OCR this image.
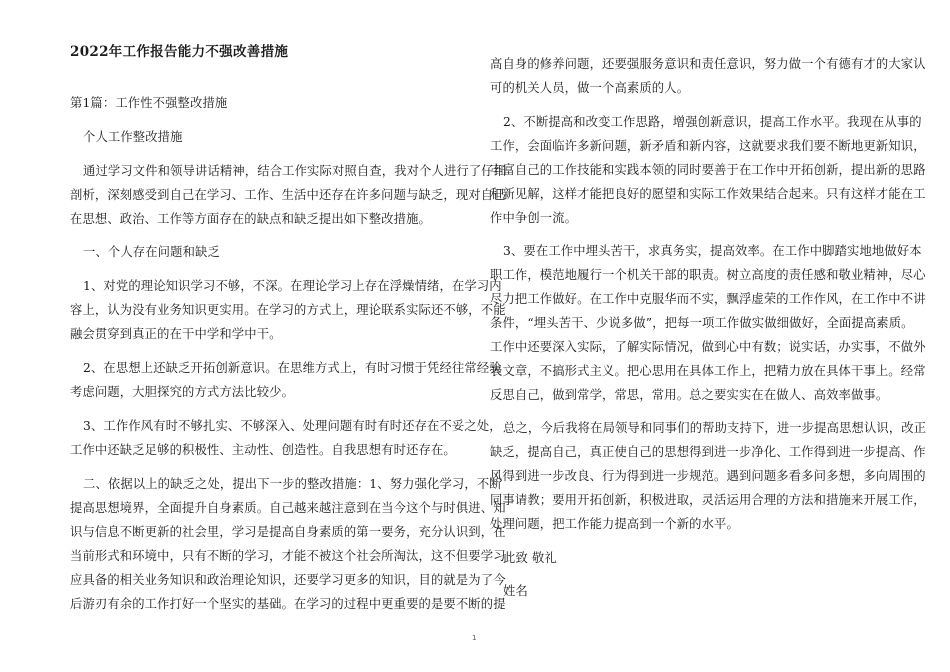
2022年工作报告能力不强改善措施
第1篇：工作性不强整改措施
个人工作整改措施
通过学习文件和领导讲话精神，结合工作实际对照自查，我对个人进行了仔细
剖析，深刻感受到自己在学习、工作、生活中还存在许多问题与缺乏，现对自己
在思想、政治、工作等方面存在的缺点和缺乏提出如下整改措施。
一、个人存在问题和缺乏
1、对党的理论知识学习不够，不深。在理论学习上存在浮燥情绪，在学习内
容上，认为没有业务知识更实用。在学习的方式上，理论联系实际还不够，不能
融会贯穿到真正的在干中学和学中干。
2、在思想上还缺乏开拓创新意识。在思维方式上，有时习惯于凭经往常经验
考虑问题，大胆探究的方式方法比较少。
3、工作作风有时不够扎实、不够深入、处理问题有时有时还存在不妥之处，
工作中还缺乏足够的积极性、主动性、创造性。自我思想有时还存在。
二、依据以上的缺乏之处，提出下一步的整改措施：1、努力强化学习，不断
提高思想境界，全面提升自身素质。自己越来越注意到在当今这个与时俱进、知
识与信息不断更新的社会里，学习是提高自身素质的第一要务，充分认识到，在
当前形式和环境中，只有不断的学习，才能不被这个社会所淘汰，这不但要学习
应具备的相关业务知识和政治理论知识，还要学习更多的知识，目的就是为了今
后游刃有余的工作打好一个坚实的基础。在学习的过程中更重要的是要不断的提
高自身的修养问题，还要强服务意识和责任意识，努力做一个有德有才的大家认
可的机关人员，做一个高素质的人。
2、不断提高和改变工作思路，增强创新意识，提高工作水平。我现在从事的
工作，会面临许多新问题，新矛盾和新内容，这就要求我们要不断地更新知识，
丰富自己的工作技能和实践本领的同时要善于在工作中开拓创新，提出新的思路
和新见解，这样才能把良好的愿望和实际工作效果结合起来。只有这样才能在工
作中争创一流。
3、要在工作中埋头苦干，求真务实，提高效率。在工作中脚踏实地地做好本
职工作，模范地履行一个机关干部的职责。树立高度的责任感和敬业精神，尽心
尽力把工作做好。在工作中克服华而不实，飘浮虚荣的工作作风，在工作中不讲
条件，“埋头苦干、少说多做”，把每一项工作做实做细做好，全面提高素质。
工作中还要深入实际，了解实际情况，做到心中有数；说实话，办实事，不做外
表文章，不搞形式主义。把心思用在具体工作上，把精力放在具体干事上。经常
反思自己，做到常学，常思，常用。总之要实实在在做人、高效率做事。
总之，今后我将在局领导和同事们的帮助支持下，进一步提高思想认识，改正
缺乏，提高自己，真正使自己的思想得到进一步净化、工作得到进一步提高、作
风得到进一步改良、行为得到进一步规范。遇到问题多看多问多想，多向周围的
同事请教；要用开拓创新，积极进取，灵活运用合理的方法和措施来开展工作，
处理问题，把工作能力提高到一个新的水平。
此致 敬礼
姓名
1
